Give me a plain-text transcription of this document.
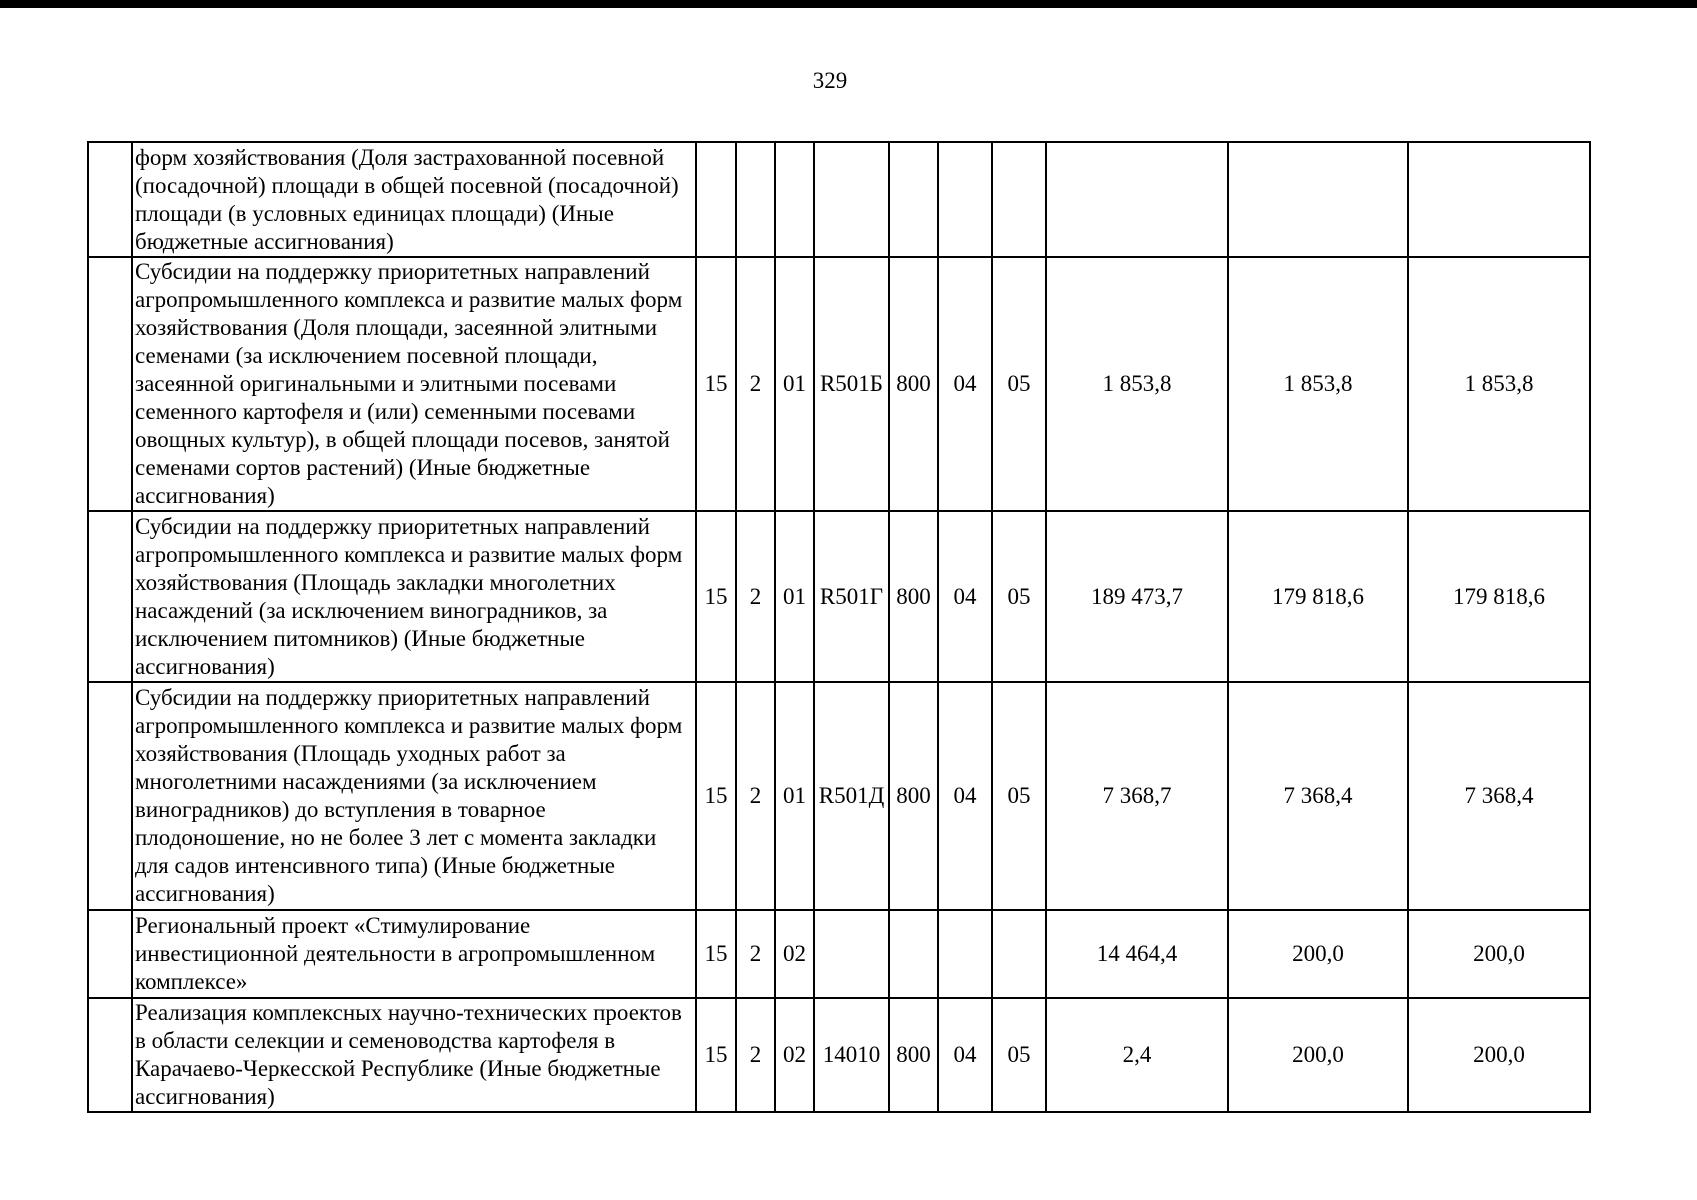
329
	форм хозяйствования (Доля застрахованной посевной (посадочной) площади в общей посевной (посадочной) площади (в условных единицах площади) (Иные бюджетные ассигнования)										
	Субсидии на поддержку приоритетных направлений агропромышленного комплекса и развитие малых форм хозяйствования (Доля площади, засеянной элитными семенами (за исключением посевной площади, засеянной оригинальными и элитными посевами семенного картофеля и (или) семенными посевами овощных культур), в общей площади посевов, занятой семенами сортов растений) (Иные бюджетные ассигнования)	15	2	01	R501Б	800	04	05	1 853,8	1 853,8	1 853,8
	Субсидии на поддержку приоритетных направлений агропромышленного комплекса и развитие малых форм хозяйствования (Площадь закладки многолетних насаждений (за исключением виноградников, за исключением питомников) (Иные бюджетные ассигнования)	15	2	01	R501Г	800	04	05	189 473,7	179 818,6	179 818,6
	Субсидии на поддержку приоритетных направлений агропромышленного комплекса и развитие малых форм хозяйствования (Площадь уходных работ за многолетними насаждениями (за исключением виноградников) до вступления в товарное плодоношение, но не более 3 лет с момента закладки для садов интенсивного типа) (Иные бюджетные ассигнования)	15	2	01	R501Д	800	04	05	7 368,7	7 368,4	7 368,4
	Региональный проект «Стимулирование инвестиционной деятельности в агропромышленном комплексе»	15	2	02					14 464,4	200,0	200,0
	Реализация комплексных научно-технических проектов в области селекции и семеноводства картофеля в Карачаево-Черкесской Республике (Иные бюджетные ассигнования)	15	2	02	14010	800	04	05	2,4	200,0	200,0
